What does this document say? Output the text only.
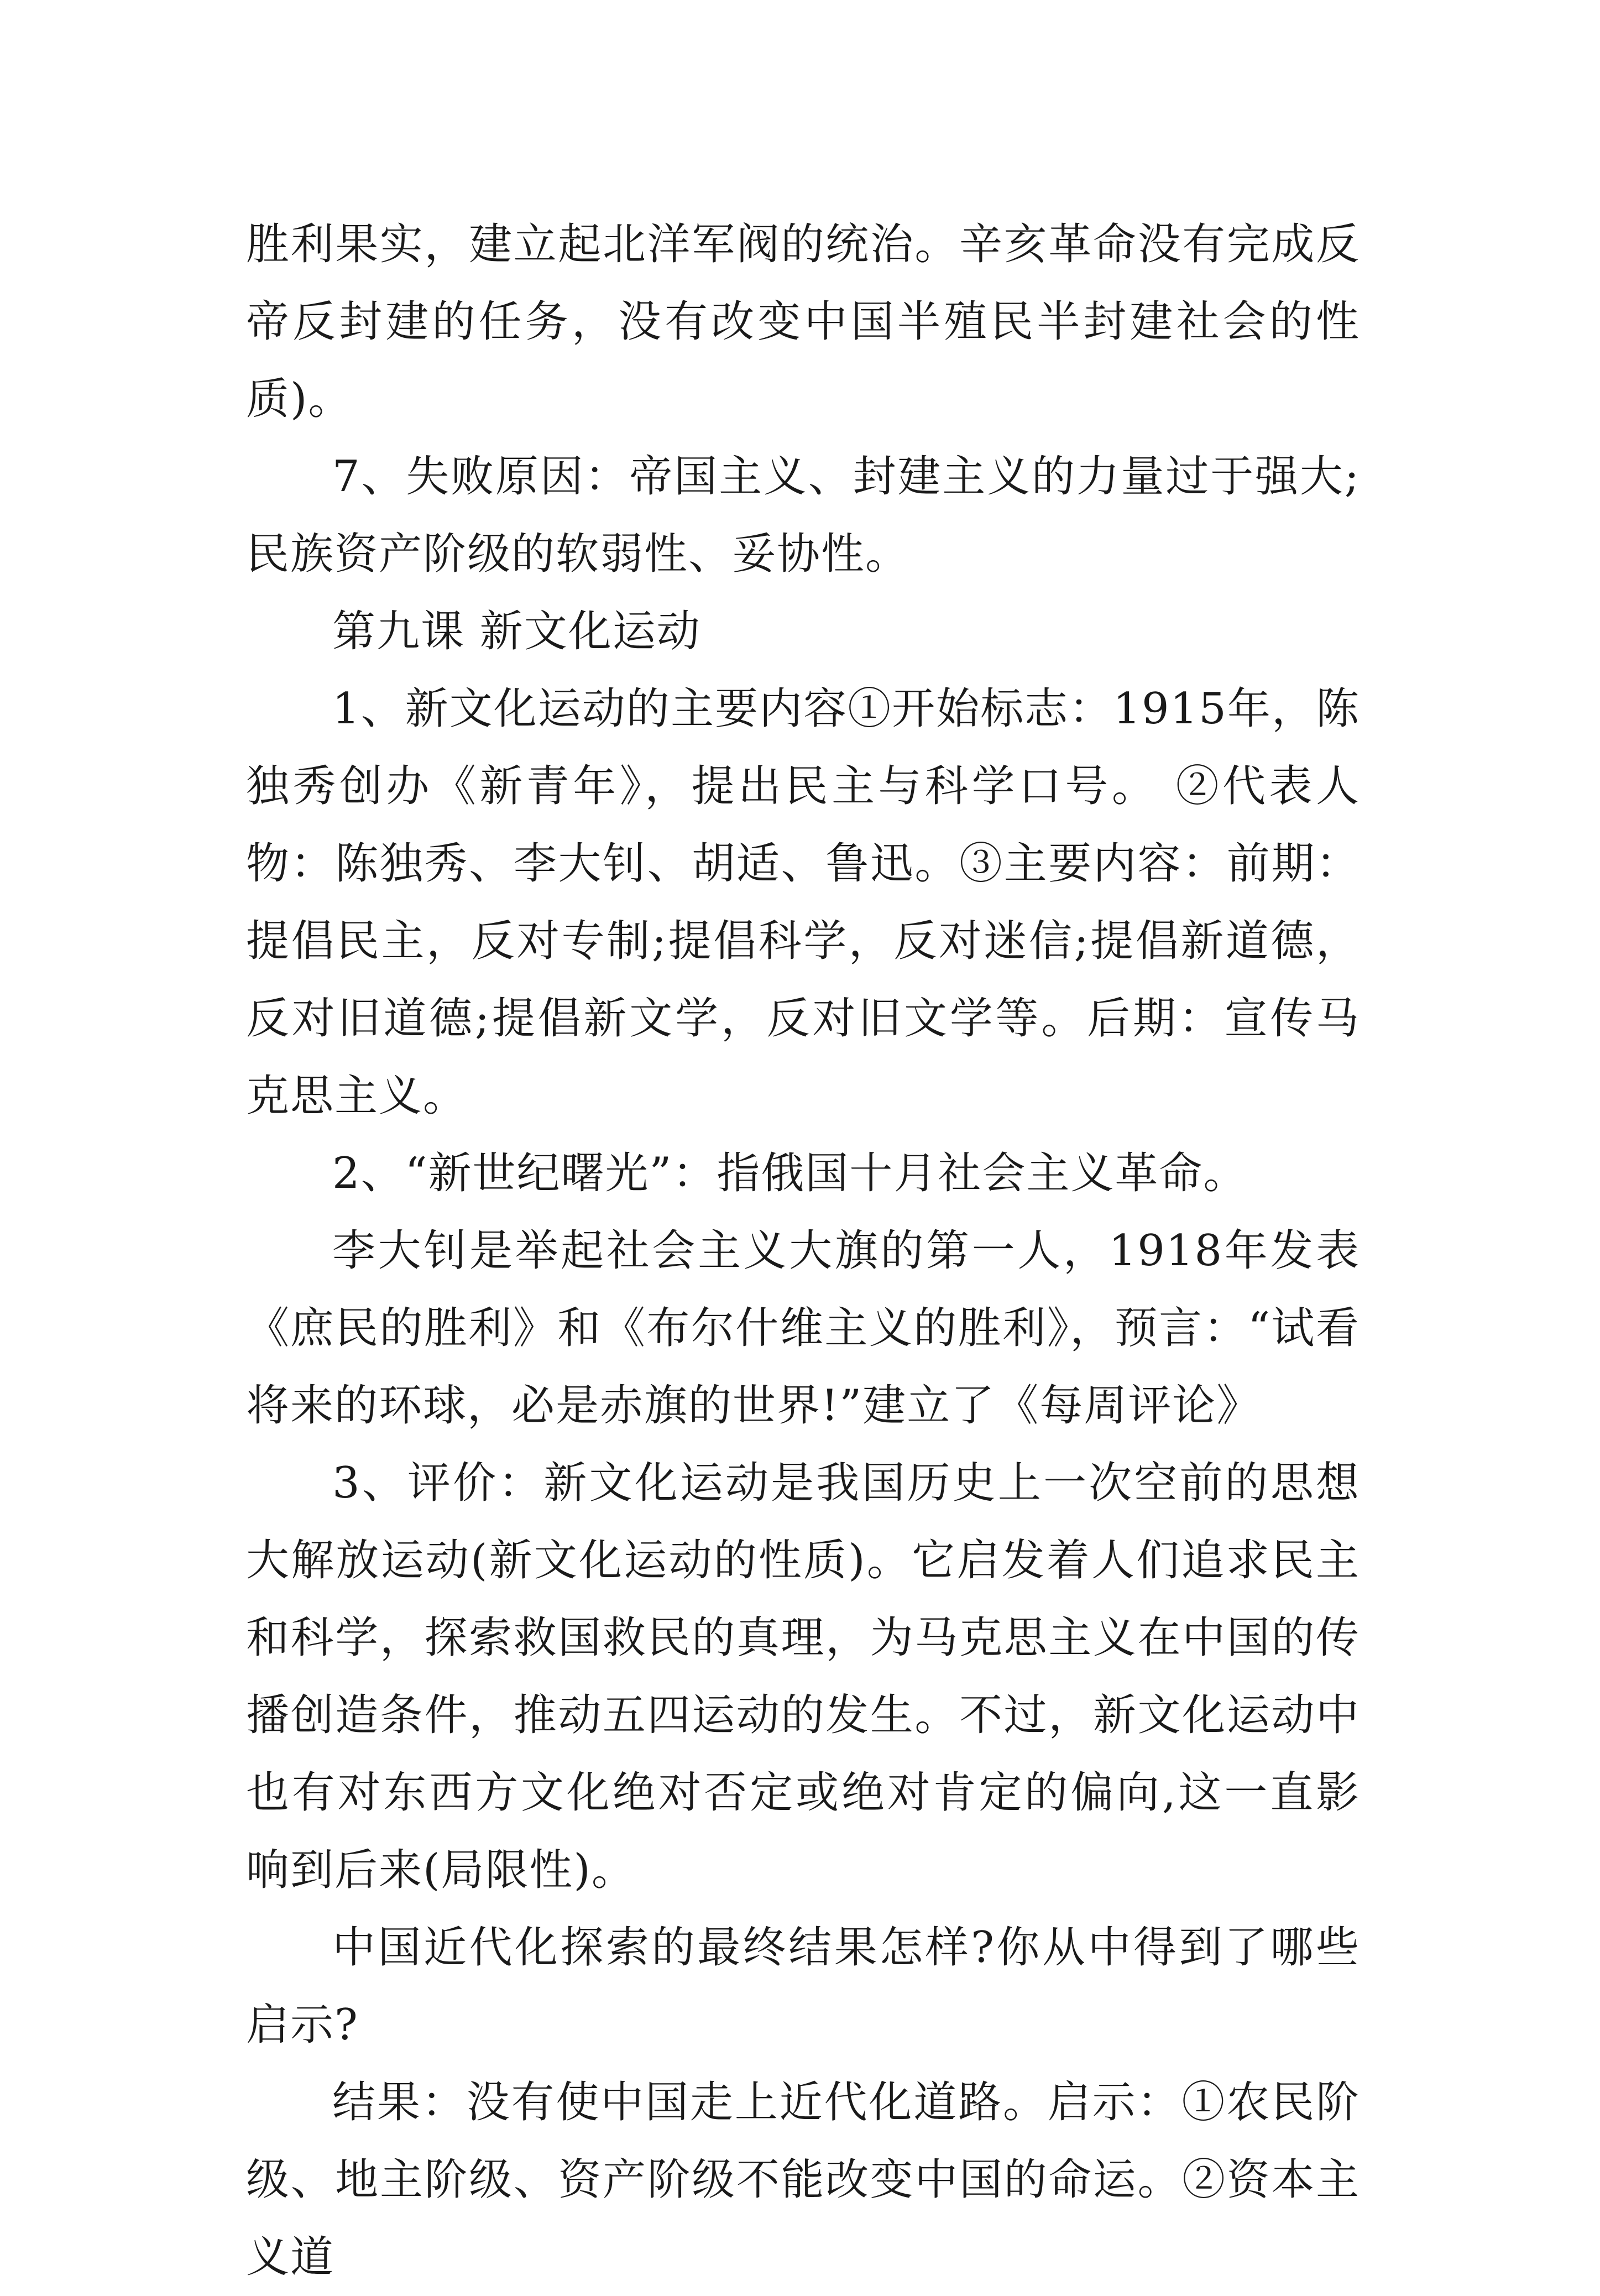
胜利果实，建立起北洋军阀的统治。辛亥革命没有完成反帝反封建的任务，没有改变中国半殖民半封建社会的性质)。

7、失败原因：帝国主义、封建主义的力量过于强大;民族资产阶级的软弱性、妥协性。

第九课 新文化运动

1、新文化运动的主要内容①开始标志：1915年，陈独秀创办《新青年》，提出民主与科学口号。 ②代表人物：陈独秀、李大钊、胡适、鲁迅。③主要内容：前期：提倡民主，反对专制;提倡科学，反对迷信;提倡新道德，反对旧道德;提倡新文学，反对旧文学等。后期：宣传马克思主义。

2、“新世纪曙光”：指俄国十月社会主义革命。

李大钊是举起社会主义大旗的第一人，1918年发表《庶民的胜利》和《布尔什维主义的胜利》，预言：“试看将来的环球，必是赤旗的世界!”建立了《每周评论》

3、评价：新文化运动是我国历史上一次空前的思想大解放运动(新文化运动的性质)。它启发着人们追求民主和科学，探索救国救民的真理，为马克思主义在中国的传播创造条件，推动五四运动的发生。不过，新文化运动中也有对东西方文化绝对否定或绝对肯定的偏向,这一直影响到后来(局限性)。

中国近代化探索的最终结果怎样?你从中得到了哪些启示?

结果：没有使中国走上近代化道路。启示：①农民阶级、地主阶级、资产阶级不能改变中国的命运。②资本主义道
